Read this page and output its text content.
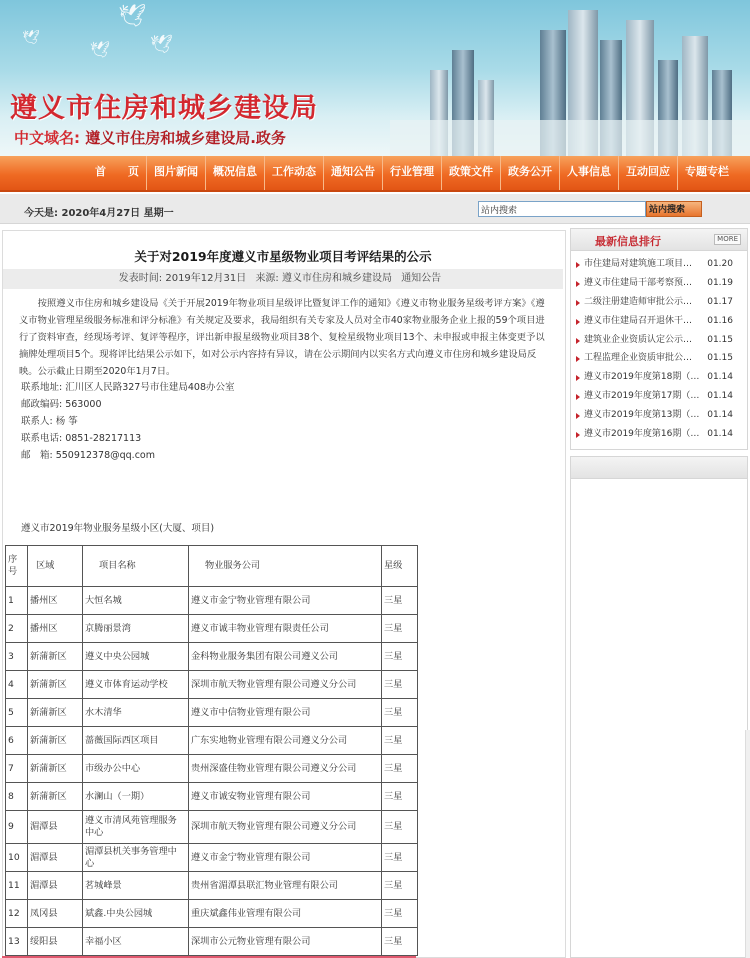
🕊
🕊
🕊
🕊
遵义市住房和城乡建设局
中文域名: 遵义市住房和城乡建设局.政务
首　　页	图片新闻	概况信息	工作动态	通知公告	行业管理	政策文件	政务公开	人事信息	互动回应	专题专栏
今天是: 2020年4月27日 星期一
站内搜索	站内搜索
关于对2019年度遵义市星级物业项目考评结果的公示
发表时间: 2019年12月31日 来源: 遵义市住房和城乡建设局 通知公告
按照遵义市住房和城乡建设局《关于开展2019年物业项目星级评比暨复评工作的通知》《遵义市物业服务星级考评方案》《遵义市物业管理星级服务标准和评分标准》有关规定及要求，我局组织有关专家及人员对全市40家物业服务企业上报的59个项目进行了资料审查，经现场考评、复评等程序，评出新申报星级物业项目38个、复检星级物业项目13个、未申报或申报主体变更予以摘牌处理项目5个。现将评比结果公示如下，如对公示内容持有异议，请在公示期间内以实名方式向遵义市住房和城乡建设局反映。公示截止日期至2020年1月7日。
联系地址: 汇川区人民路327号市住建局408办公室
邮政编码: 563000
联系人: 杨 筝
联系电话: 0851-28217113
邮　箱: 550912378@qq.com
遵义市2019年物业服务星级小区(大厦、项目)
序号	区域	项目名称	物业服务公司	星级
1	播州区	大恒名城	遵义市金宁物业管理有限公司	三星
2	播州区	京腾丽景湾	遵义市诚丰物业管理有限责任公司	三星
3	新蒲新区	遵义中央公园城	金科物业服务集团有限公司遵义公司	三星
4	新蒲新区	遵义市体育运动学校	深圳市航天物业管理有限公司遵义分公司	三星
5	新蒲新区	水木清华	遵义市中信物业管理有限公司	三星
6	新蒲新区	蔷薇国际西区项目	广东实地物业管理有限公司遵义分公司	三星
7	新蒲新区	市级办公中心	贵州深盛佳物业管理有限公司遵义分公司	三星
8	新蒲新区	水澜山（一期）	遵义市诚安物业管理有限公司	三星
9	湄潭县	遵义市清风苑管理服务中心	深圳市航天物业管理有限公司遵义分公司	三星
10	湄潭县	湄潭县机关事务管理中心	遵义市金宁物业管理有限公司	三星
11	湄潭县	茗城峰景	贵州省湄潭县联汇物业管理有限公司	三星
12	凤冈县	斌鑫.中央公园城	重庆斌鑫伟业管理有限公司	三星
13	绥阳县	幸福小区	深圳市公元物业管理有限公司	三星
最新信息排行	MORE
市住建局对建筑施工项目… 01.20
遵义市住建局干部考察预… 01.19
二级注册建造师审批公示… 01.17
遵义市住建局召开退休干… 01.16
建筑业企业资质认定公示… 01.15
工程监理企业资质审批公… 01.15
遵义市2019年度第18期（… 01.14
遵义市2019年度第17期（… 01.14
遵义市2019年度第13期（… 01.14
遵义市2019年度第16期（… 01.14
